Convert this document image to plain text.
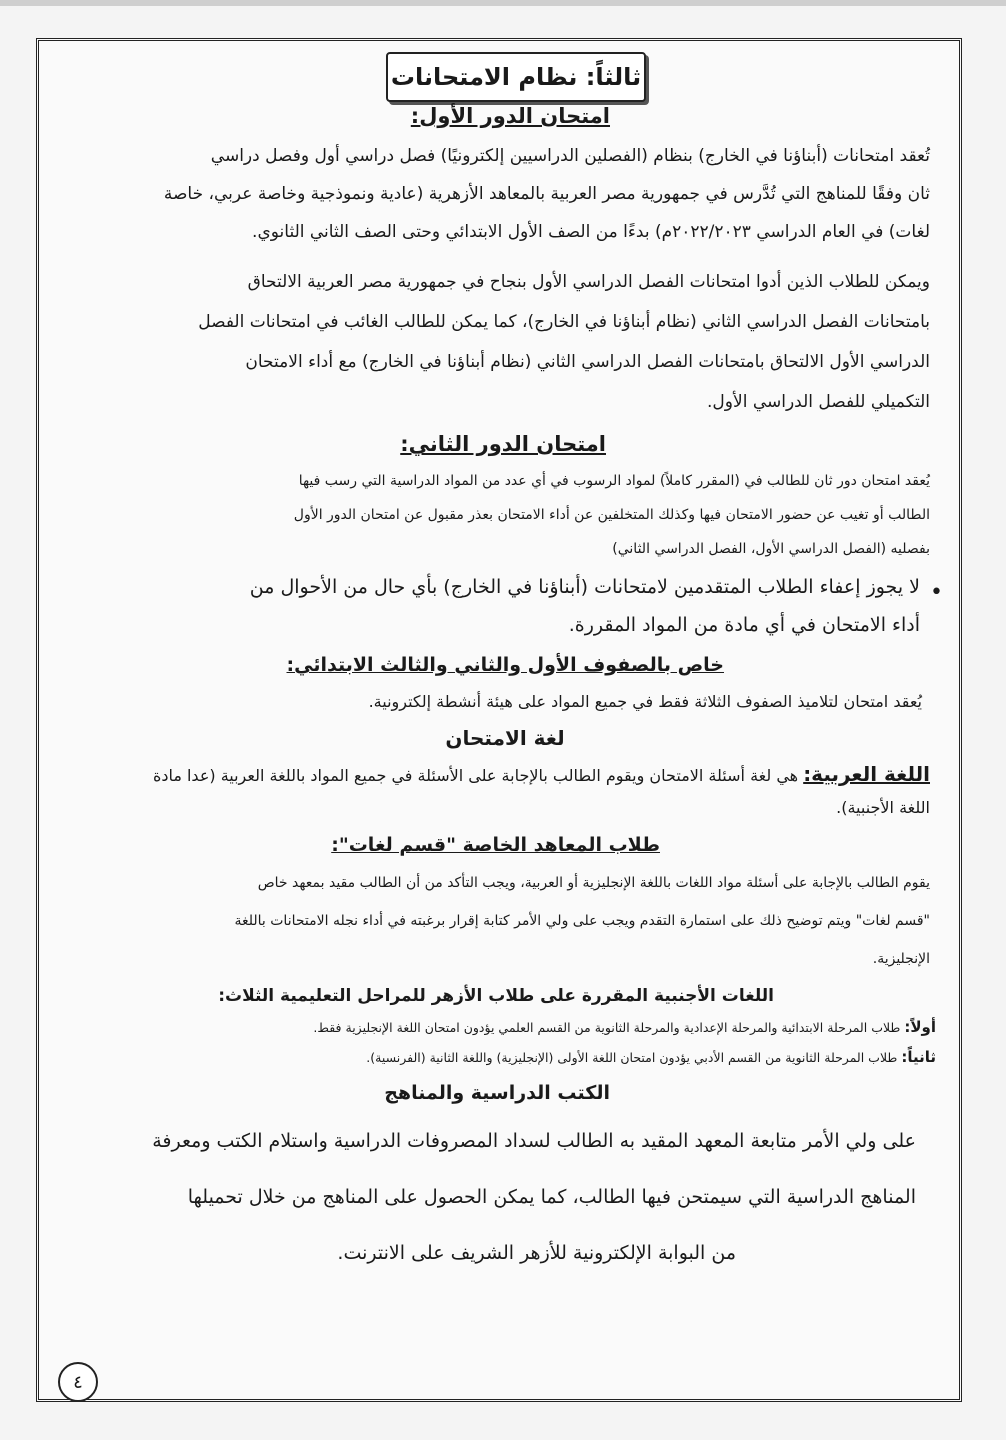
ثالثاً: نظام الامتحانات
امتحان الدور الأول:
تُعقد امتحانات (أبناؤنا في الخارج) بنظام (الفصلين الدراسيين إلكترونيًا) فصل دراسي أول وفصل دراسي
ثان وفقًا للمناهج التي تُدَّرس في جمهورية مصر العربية بالمعاهد الأزهرية (عادية ونموذجية وخاصة عربي، خاصة
لغات) في العام الدراسي ٢٠٢٢/٢٠٢٣م) بدءًا من الصف الأول الابتدائي وحتى الصف الثاني الثانوي.
ويمكن للطلاب الذين أدوا امتحانات الفصل الدراسي الأول بنجاح في جمهورية مصر العربية الالتحاق
بامتحانات الفصل الدراسي الثاني (نظام أبناؤنا في الخارج)، كما يمكن للطالب الغائب في امتحانات الفصل
الدراسي الأول الالتحاق بامتحانات الفصل الدراسي الثاني (نظام أبناؤنا في الخارج) مع أداء الامتحان
التكميلي للفصل الدراسي الأول.
امتحان الدور الثاني:
يُعقد امتحان دور ثان للطالب في (المقرر كاملاً) لمواد الرسوب في أي عدد من المواد الدراسية التي رسب فيها
الطالب أو تغيب عن حضور الامتحان فيها وكذلك المتخلفين عن أداء الامتحان بعذر مقبول عن امتحان الدور الأول
بفصليه (الفصل الدراسي الأول، الفصل الدراسي الثاني)
•
لا يجوز إعفاء الطلاب المتقدمين لامتحانات (أبناؤنا في الخارج) بأي حال من الأحوال من
أداء الامتحان في أي مادة من المواد المقررة.
خاص بالصفوف الأول والثاني والثالث الابتدائي:
يُعقد امتحان لتلاميذ الصفوف الثلاثة فقط في جميع المواد على هيئة أنشطة إلكترونية.
لغة الامتحان
اللغة العربية: هي لغة أسئلة الامتحان ويقوم الطالب بالإجابة على الأسئلة في جميع المواد باللغة العربية (عدا مادة
اللغة الأجنبية).
طلاب المعاهد الخاصة "قسم لغات":
يقوم الطالب بالإجابة على أسئلة مواد اللغات باللغة الإنجليزية أو العربية، ويجب التأكد من أن الطالب مقيد بمعهد خاص
"قسم لغات" ويتم توضيح ذلك على استمارة التقدم ويجب على ولي الأمر كتابة إقرار برغبته في أداء نجله الامتحانات باللغة
الإنجليزية.
اللغات الأجنبية المقررة على طلاب الأزهر للمراحل التعليمية الثلاث:
أولاً: طلاب المرحلة الابتدائية والمرحلة الإعدادية والمرحلة الثانوية من القسم العلمي يؤدون امتحان اللغة الإنجليزية فقط.
ثانياً: طلاب المرحلة الثانوية من القسم الأدبي يؤدون امتحان اللغة الأولى (الإنجليزية) واللغة الثانية (الفرنسية).
الكتب الدراسية والمناهج
على ولي الأمر متابعة المعهد المقيد به الطالب لسداد المصروفات الدراسية واستلام الكتب ومعرفة
المناهج الدراسية التي سيمتحن فيها الطالب، كما يمكن الحصول على المناهج من خلال تحميلها
من البوابة الإلكترونية للأزهر الشريف على الانترنت.
٤
